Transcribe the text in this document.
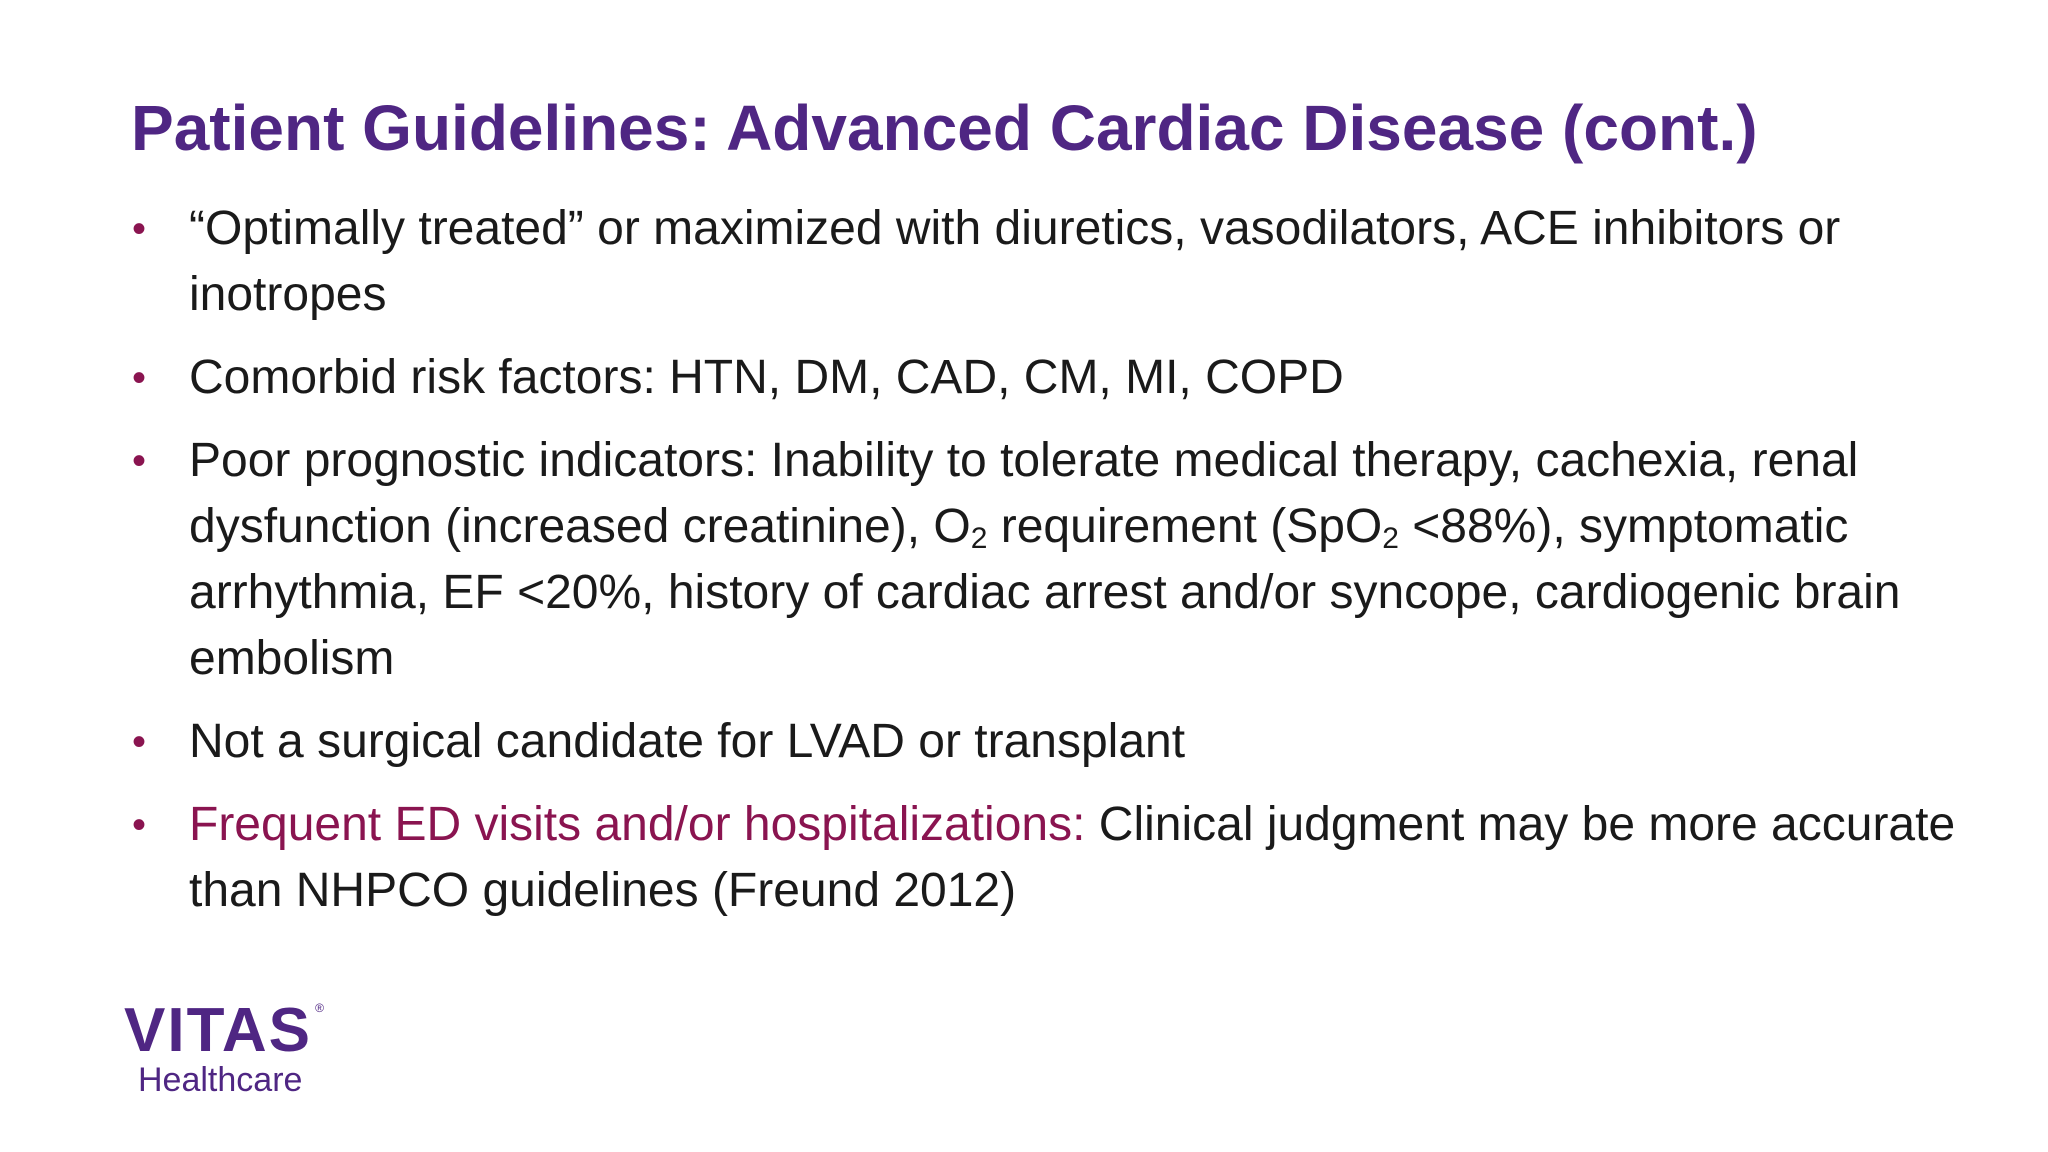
Patient Guidelines: Advanced Cardiac Disease (cont.)
• “Optimally treated” or maximized with diuretics, vasodilators, ACE inhibitors or inotropes
• Comorbid risk factors: HTN, DM, CAD, CM, MI, COPD
• Poor prognostic indicators: Inability to tolerate medical therapy, cachexia, renal dysfunction (increased creatinine), $O_2$ requirement (SpO$_2$ <88%), symptomatic arrhythmia, EF <20%, history of cardiac arrest and/or syncope, cardiogenic brain embolism
• Not a surgical candidate for LVAD or transplant
• Frequent ED visits and/or hospitalizations: Clinical judgment may be more accurate than NHPCO guidelines (Freund 2012)
VITAS ®
Healthcare
